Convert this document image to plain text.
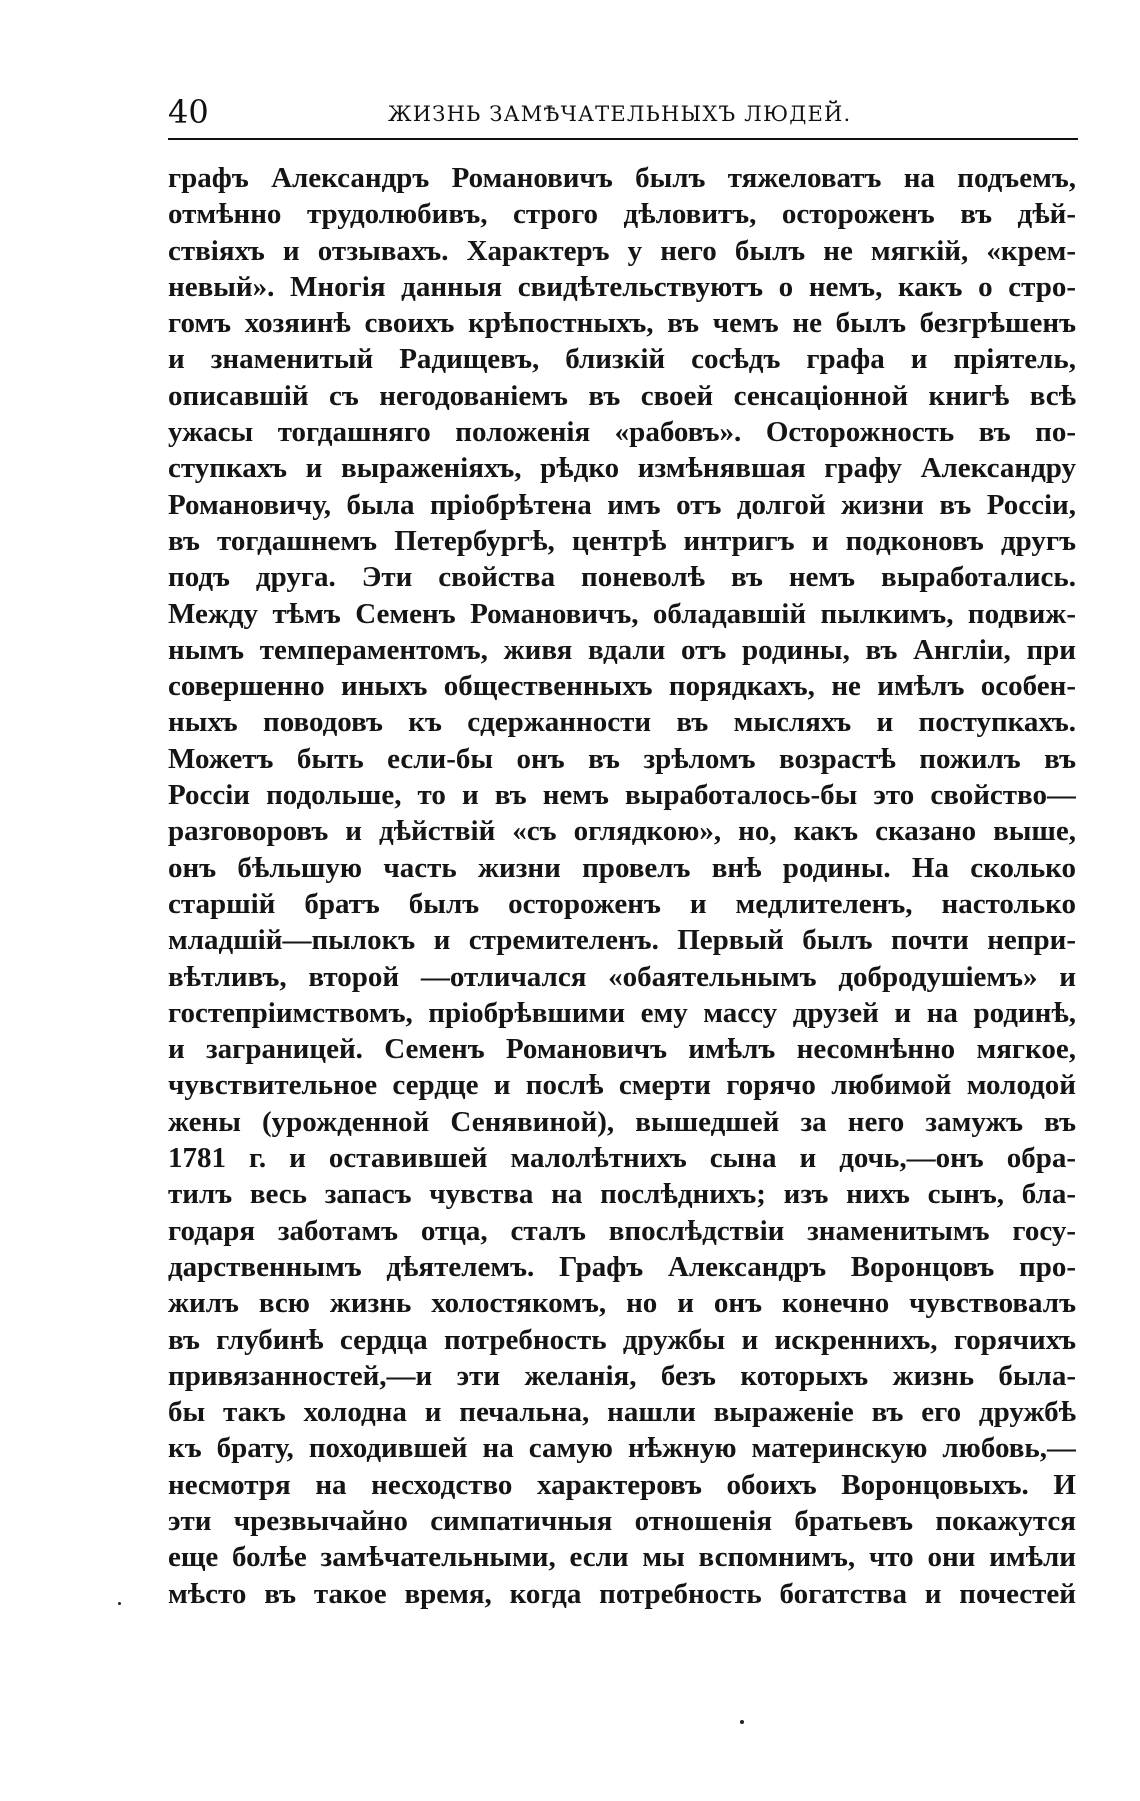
40	ЖИЗНЬ ЗАМѢЧАТЕЛЬНЫХЪ ЛЮДЕЙ.
графъ Александръ Романовичъ былъ тяжеловатъ на подъемъ,
отмѣнно трудолюбивъ, строго дѣловитъ, остороженъ въ дѣй-
ствіяхъ и отзывахъ. Характеръ у него былъ не мягкій, «крем-
невый». Многія данныя свидѣтельствуютъ о немъ, какъ о стро-
гомъ хозяинѣ своихъ крѣпостныхъ, въ чемъ не былъ безгрѣшенъ
и знаменитый Радищевъ, близкій сосѣдъ графа и пріятель,
описавшій съ негодованіемъ въ своей сенсаціонной книгѣ всѣ
ужасы тогдашняго положенія «рабовъ». Осторожность въ по-
ступкахъ и выраженіяхъ, рѣдко измѣнявшая графу Александру
Романовичу, была пріобрѣтена имъ отъ долгой жизни въ Россіи,
въ тогдашнемъ Петербургѣ, центрѣ интригъ и подконовъ другъ
подъ друга. Эти свойства поневолѣ въ немъ выработались.
Между тѣмъ Семенъ Романовичъ, обладавшій пылкимъ, подвиж-
нымъ темпераментомъ, живя вдали отъ родины, въ Англіи, при
совершенно иныхъ общественныхъ порядкахъ, не имѣлъ особен-
ныхъ поводовъ къ сдержанности въ мысляхъ и поступкахъ.
Можетъ быть если-бы онъ въ зрѣломъ возрастѣ пожилъ въ
Россіи подольше, то и въ немъ выработалось-бы это свойство—
разговоровъ и дѣйствій «съ оглядкою», но, какъ сказано выше,
онъ бѣльшую часть жизни провелъ внѣ родины. На сколько
старшій братъ былъ остороженъ и медлителенъ, настолько
младшій—пылокъ и стремителенъ. Первый былъ почти непри-
вѣтливъ, второй —отличался «обаятельнымъ добродушіемъ» и
гостепріимствомъ, пріобрѣвшими ему массу друзей и на родинѣ,
и заграницей. Семенъ Романовичъ имѣлъ несомнѣнно мягкое,
чувствительное сердце и послѣ смерти горячо любимой молодой
жены (урожденной Сенявиной), вышедшей за него замужъ въ
1781 г. и оставившей малолѣтнихъ сына и дочь,—онъ обра-
тилъ весь запасъ чувства на послѣднихъ; изъ нихъ сынъ, бла-
годаря заботамъ отца, сталъ впослѣдствіи знаменитымъ госу-
дарственнымъ дѣятелемъ. Графъ Александръ Воронцовъ про-
жилъ всю жизнь холостякомъ, но и онъ конечно чувствовалъ
въ глубинѣ сердца потребность дружбы и искреннихъ, горячихъ
привязанностей,—и эти желанія, безъ которыхъ жизнь была-
бы такъ холодна и печальна, нашли выраженіе въ его дружбѣ
къ брату, походившей на самую нѣжную материнскую любовь,—
несмотря на несходство характеровъ обоихъ Воронцовыхъ. И
эти чрезвычайно симпатичныя отношенія братьевъ покажутся
еще болѣе замѣчательными, если мы вспомнимъ, что они имѣли
мѣсто въ такое время, когда потребность богатства и почестей
